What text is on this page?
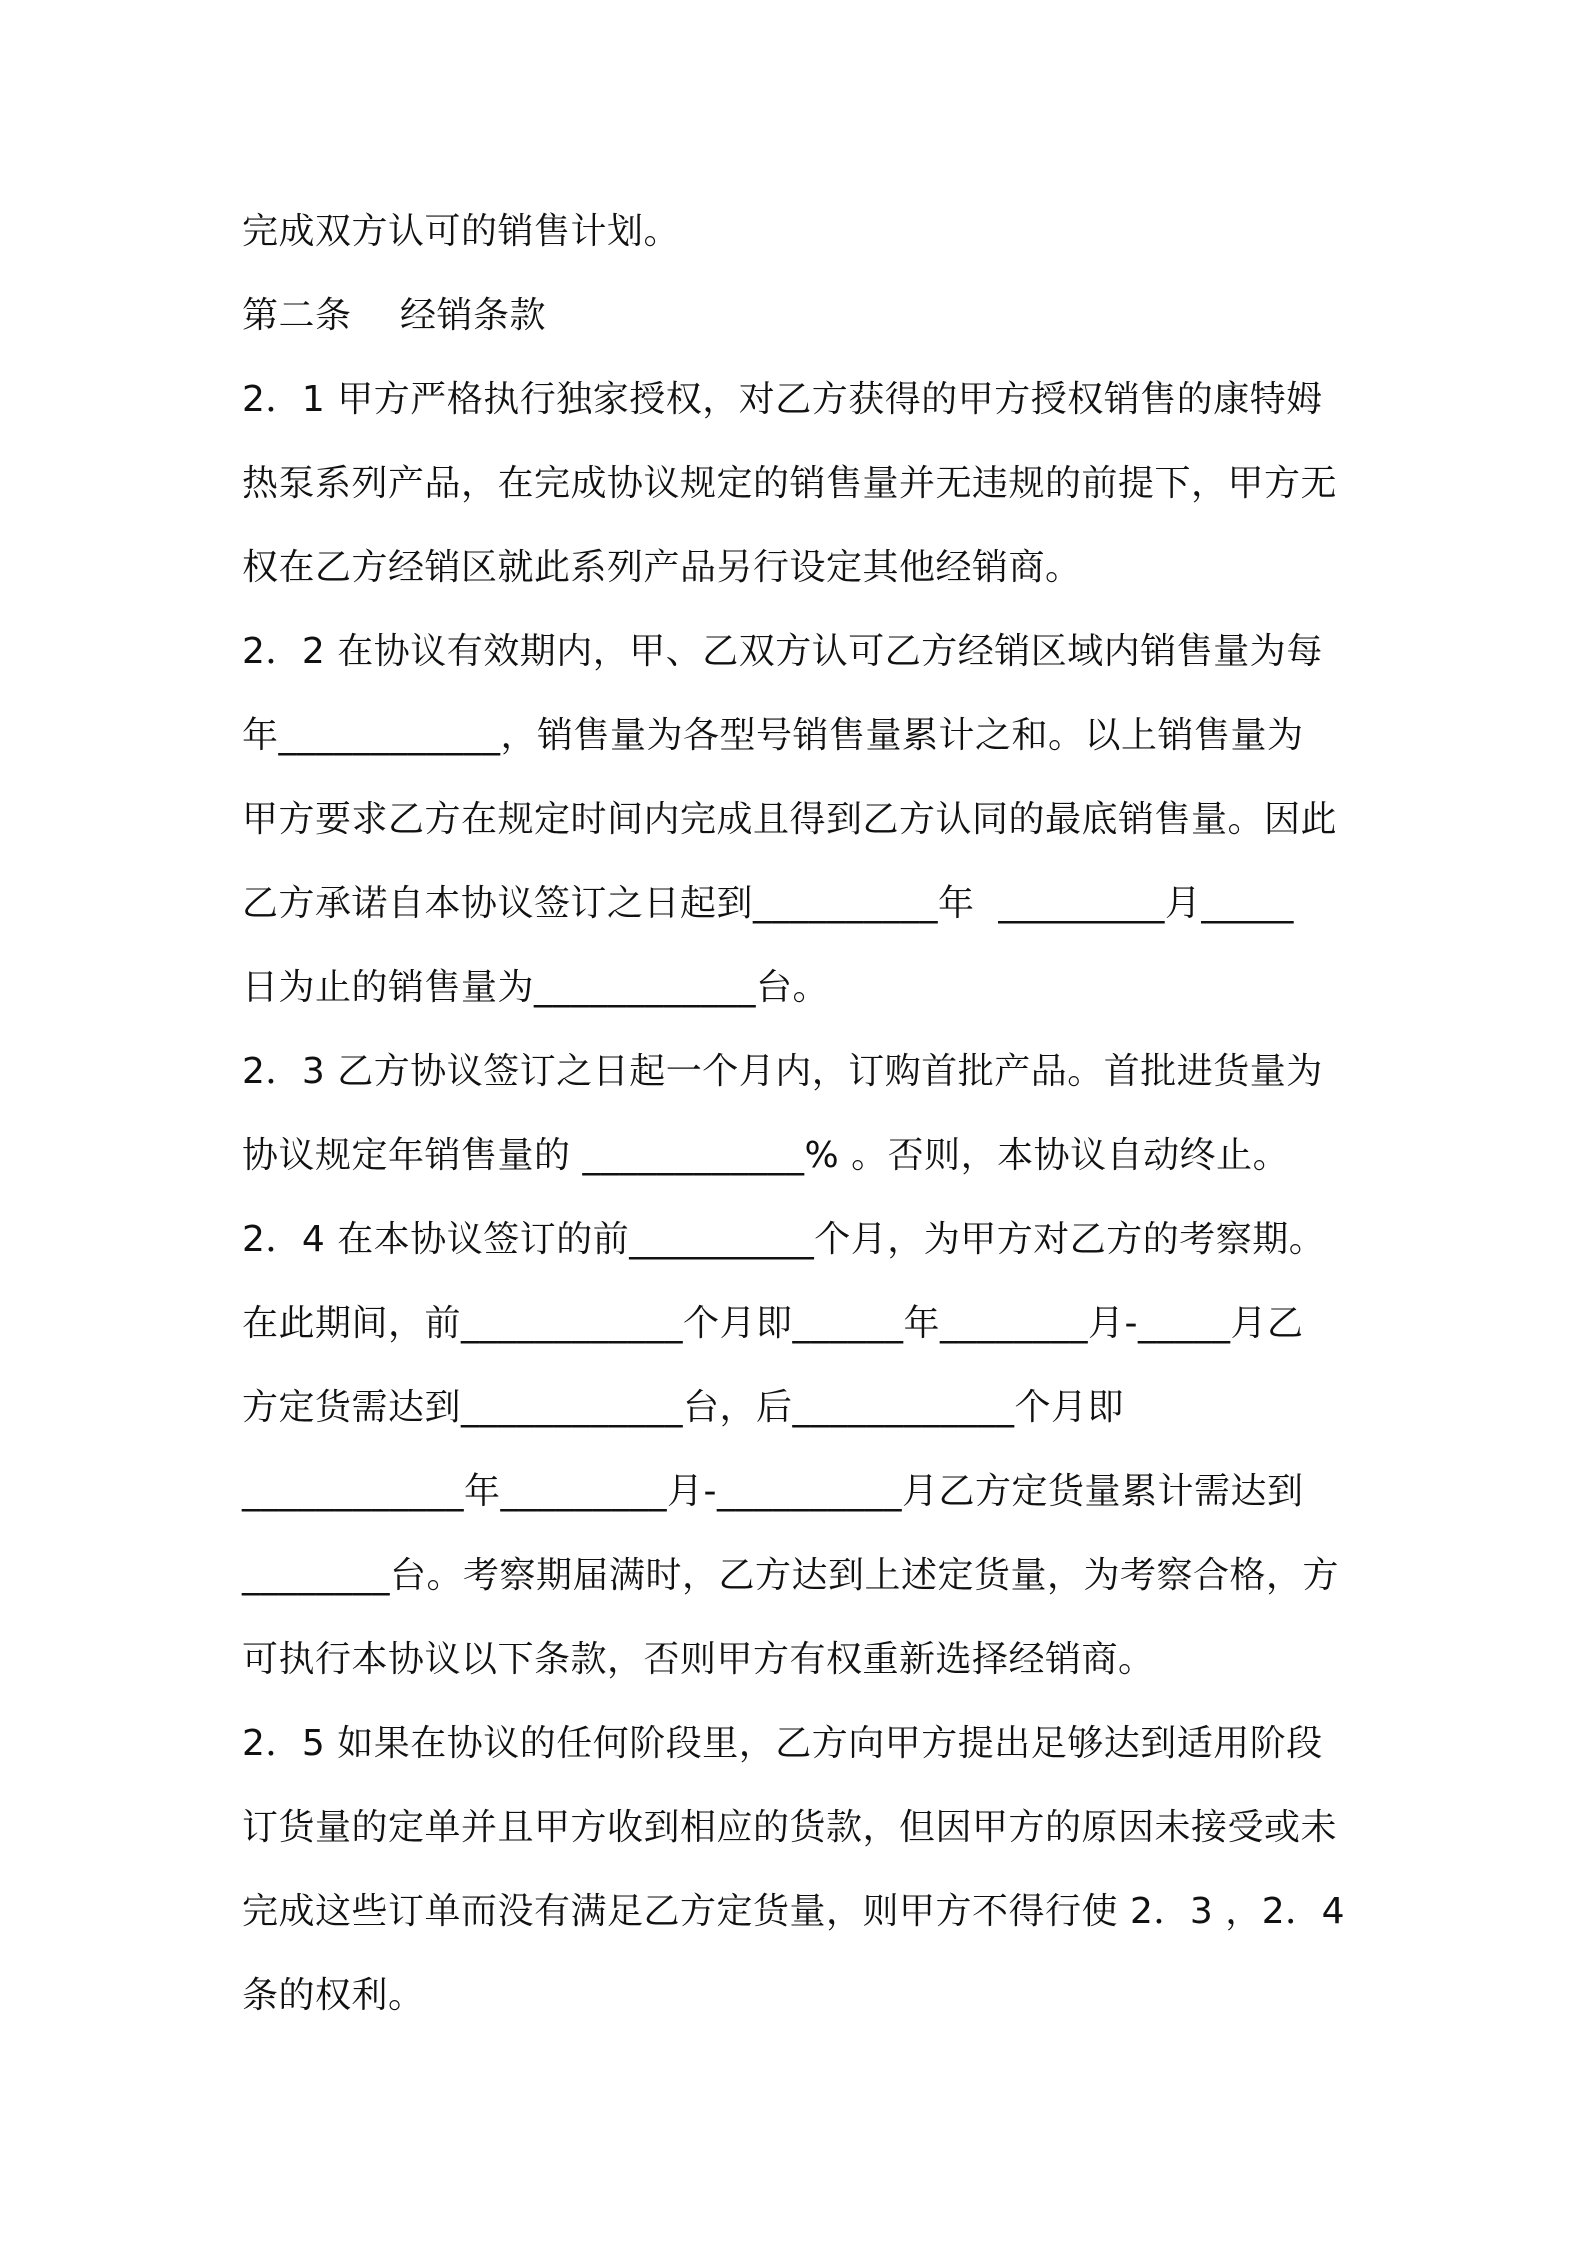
完成双方认可的销售计划。
第二条　 经销条款
2．1 甲方严格执行独家授权，对乙方获得的甲方授权销售的康特姆
热泵系列产品，在完成协议规定的销售量并无违规的前提下，甲方无
权在乙方经销区就此系列产品另行设定其他经销商。
2．2 在协议有效期内，甲、乙双方认可乙方经销区域内销售量为每
年____________，销售量为各型号销售量累计之和。以上销售量为
甲方要求乙方在规定时间内完成且得到乙方认同的最底销售量。因此
乙方承诺自本协议签订之日起到__________年  _________月_____
日为止的销售量为____________台。
2．3 乙方协议签订之日起一个月内，订购首批产品。首批进货量为
协议规定年销售量的 ____________% 。否则，本协议自动终止。
2．4 在本协议签订的前__________个月，为甲方对乙方的考察期。
在此期间，前____________个月即______年________月-_____月乙
方定货需达到____________台，后____________个月即
____________年_________月-__________月乙方定货量累计需达到
________台。考察期届满时，乙方达到上述定货量，为考察合格，方
可执行本协议以下条款，否则甲方有权重新选择经销商。
2．5 如果在协议的任何阶段里，乙方向甲方提出足够达到适用阶段
订货量的定单并且甲方收到相应的货款，但因甲方的原因未接受或未
完成这些订单而没有满足乙方定货量，则甲方不得行使 2．3 ，2．4
条的权利。
